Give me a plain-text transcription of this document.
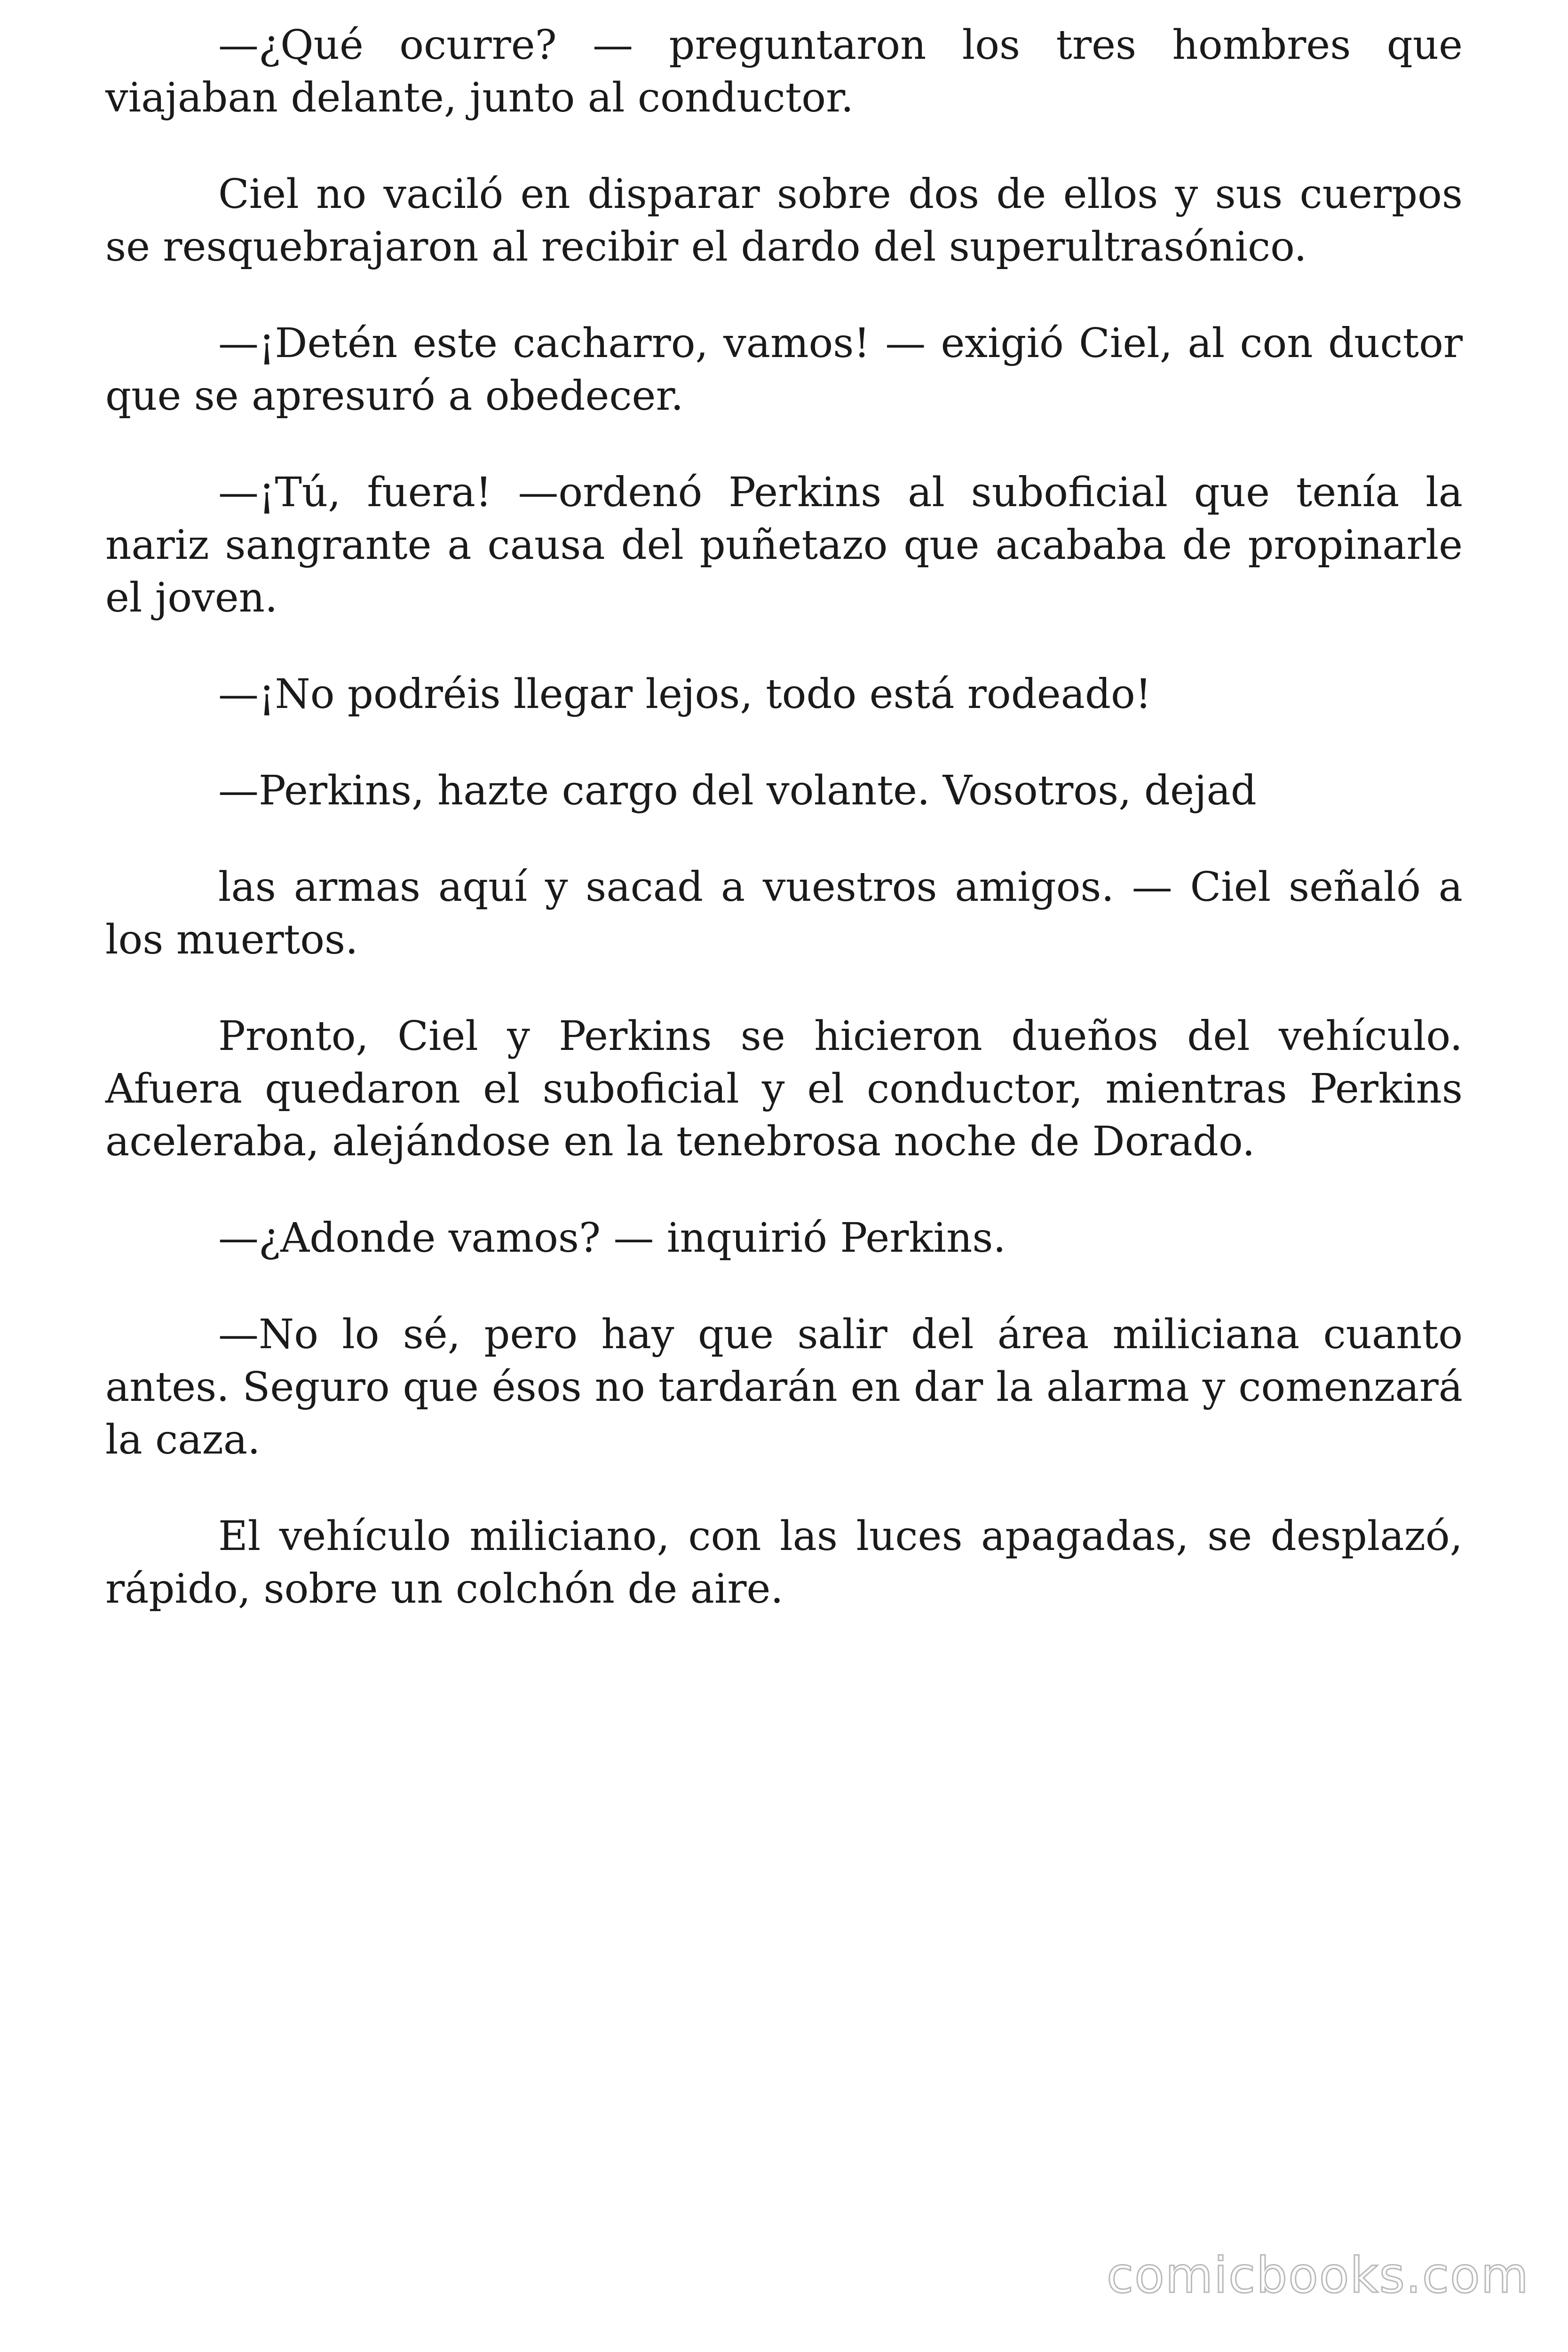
—¿Qué ocurre? — preguntaron los tres hombres que viajaban delante, junto al conductor.

Ciel no vaciló en disparar sobre dos de ellos y sus cuerpos se resquebrajaron al recibir el dardo del superultrasónico.

—¡Detén este cacharro, vamos! — exigió Ciel, al con ductor que se apresuró a obedecer.

—¡Tú, fuera! —ordenó Perkins al suboficial que tenía la nariz sangrante a causa del puñetazo que acababa de propinarle el joven.

—¡No podréis llegar lejos, todo está rodeado!

—Perkins, hazte cargo del volante. Vosotros, dejad

las armas aquí y sacad a vuestros amigos. — Ciel señaló a los muertos.

Pronto, Ciel y Perkins se hicieron dueños del vehículo. Afuera quedaron el suboficial y el conductor, mientras Perkins aceleraba, alejándose en la tenebrosa noche de Dorado.

—¿Adonde vamos? — inquirió Perkins.

—No lo sé, pero hay que salir del área miliciana cuanto antes. Seguro que ésos no tardarán en dar la alarma y comenzará la caza.

El vehículo miliciano, con las luces apagadas, se desplazó, rápido, sobre un colchón de aire.

comicbooks.com
